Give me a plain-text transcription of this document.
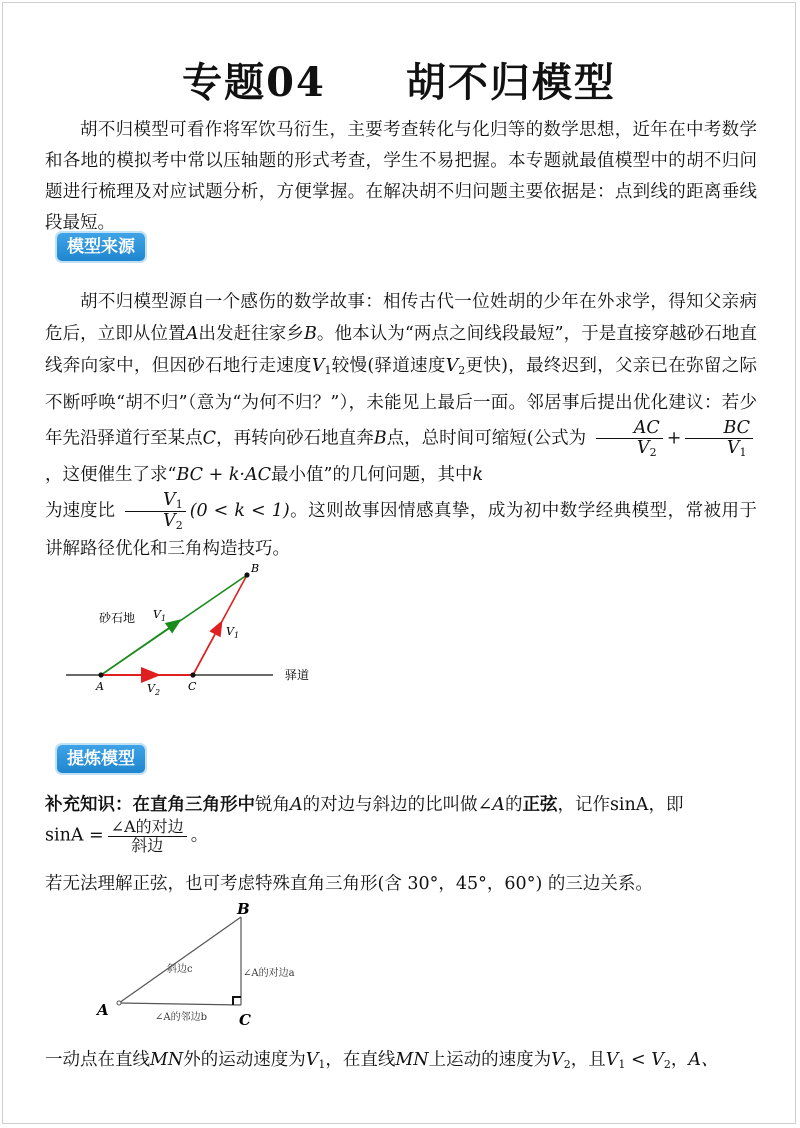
专题04 胡不归模型
胡不归模型可看作将军饮马衍生，主要考查转化与化归等的数学思想，近年在中考数学和各地的模拟考中常以压轴题的形式考查，学生不易把握。本专题就最值模型中的胡不归问题进行梳理及对应试题分析，方便掌握。在解决胡不归问题主要依据是：点到线的距离垂线段最短。
模型来源
胡不归模型源自一个感伤的数学故事：相传古代一位姓胡的少年在外求学，得知父亲病危后，立即从位置A出发赶往家乡B。他本认为“两点之间线段最短”，于是直接穿越砂石地直线奔向家中，但因砂石地行走速度$V_1$较慢(驿道速度$V_2$更快)，最终迟到，父亲已在弥留之际不断呼唤“胡不归”（意为“为何不归？”），未能见上最后一面。邻居事后提出优化建议：若少年先沿驿道行至某点C，再转向砂石地直奔B点，总时间可缩短(公式为 $\frac{AC}{V_2} + \frac{BC}{V_1}$
，这便催生了求“BC + k·AC最小值”的几何问题，其中k
为速度比 $\frac{V_1}{V_2} (0 < k < 1)$。这则故事因情感真挚，成为初中数学经典模型，常被用于讲解路径优化和三角构造技巧。
B
A	C
砂石地
驿道
$V_1$
$V_1$
$V_2$
提炼模型
补充知识：在直角三角形中锐角A的对边与斜边的比叫做∠A的正弦，记作sinA，即
$\sin A = \frac{\text{∠A的对边}}{\text{斜边}}$ 。
若无法理解正弦，也可考虑特殊直角三角形(含 30°，45°，60°) 的三边关系。
A
B
C
斜边c	∠A的对边a
∠A的邻边b
一动点在直线MN外的运动速度为$V_1$，在直线MN上运动的速度为$V_2$，且$V_1 < V_2$，A、
